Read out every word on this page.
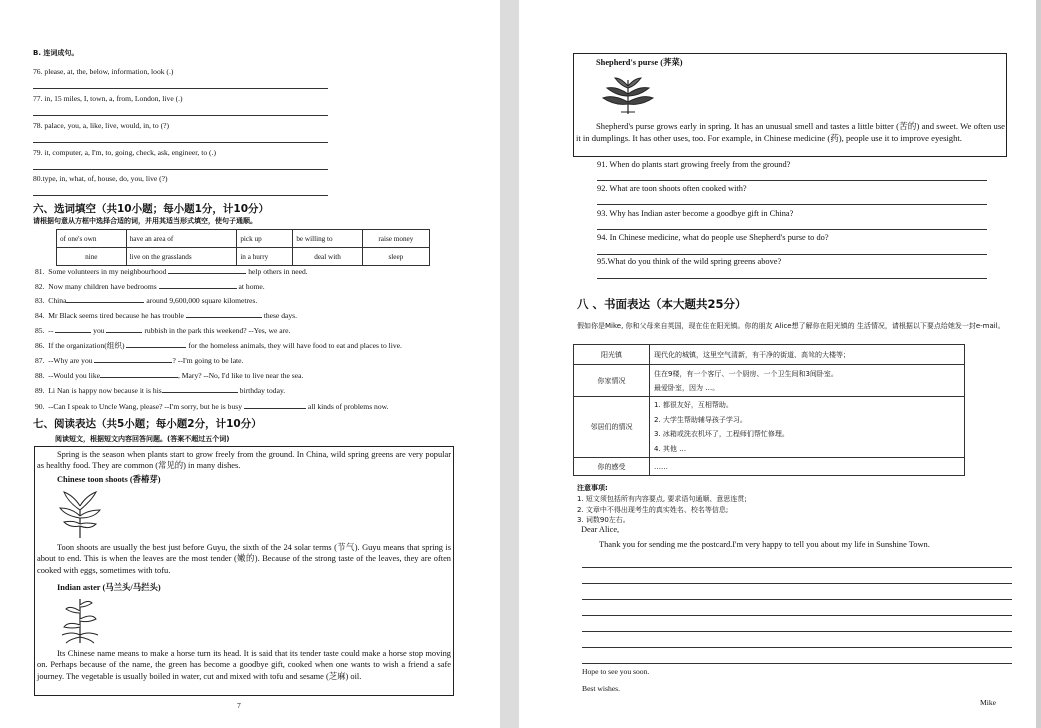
B. 连词成句。
76. please, at, the, below, information, look (.)
77. in, 15 miles, I, town, a, from, London, live (.)
78. palace, you, a, like, live, would, in, to (?)
79. it, computer, a, I'm, to, going, check, ask, engineer, to (.)
80.type, in, what, of, house, do, you, live (?)
六、选词填空（共10小题；每小题1分，计10分）
请根据句意从方框中选择合适的词，并用其适当形式填空，使句子通顺。
of one's own	have an area of	pick up	be willing to	raise money
nine	live on the grasslands	in a hurry	deal with	sleep
81. Some volunteers in my neighbourhood	help others in need.
82. Now many children have bedrooms	at home.
83. China	around 9,600,000 square kilometres.
84. Mr Black seems tired because he has trouble	these days.
85. --	you	rubbish in the park this weekend? --Yes, we are.
86. If the organization(组织)	for the homeless animals, they will have food to eat and places to live.
87. --Why are you	? --I'm going to be late.
88. --Would you like	, Mary? --No, I'd like to live near the sea.
89. Li Nan is happy now because it is his	birthday today.
90. --Can I speak to Uncle Wang, please? --I'm sorry, but he is busy	all kinds of problems now.
七、阅读表达（共5小题；每小题2分，计10分）
阅读短文，根据短文内容回答问题。(答案不超过五个词)
Spring is the season when plants start to grow freely from the ground. In China, wild spring greens are very popular as healthy food. They are common (常见的) in many dishes.
Chinese toon shoots (香椿芽)
Toon shoots are usually the best just before Guyu, the sixth of the 24 solar terms (节气). Guyu means that spring is about to end. This is when the leaves are the most tender (嫩的). Because of the strong taste of the leaves, they are often cooked with eggs, sometimes with tofu.
Indian aster (马兰头/马拦头)
Its Chinese name means to make a horse turn its head. It is said that its tender taste could make a horse stop moving on. Perhaps because of the name, the green has become a goodbye gift, cooked when one wants to wish a friend a safe journey. The vegetable is usually boiled in water, cut and mixed with tofu and sesame (芝麻) oil.
7
Shepherd's purse (荠菜)
Shepherd's purse grows early in spring. It has an unusual smell and tastes a little bitter (苦的) and sweet. We often use it in dumplings. It has other uses, too. For example, in Chinese medicine (药), people use it to improve eyesight.
91. When do plants start growing freely from the ground?
92. What are toon shoots often cooked with?
93. Why has Indian aster become a goodbye gift in China?
94. In Chinese medicine, what do people use Shepherd's purse to do?
95.What do you think of the wild spring greens above?
八 、书面表达（本大题共25分）
假如你是Mike, 你和父母来自英国，现在住在阳光镇。你的朋友 Alice想了解你在阳光镇的 生活情况，请根据以下要点给她发一封e-mail。
注意事项:
1. 短文须包括所有内容要点, 要求语句通顺、意思连贯;
2. 文章中不得出现考生的真实姓名、校名等信息;
3. 词数90左右。
Dear Alice,
Thank you for sending me the postcard.I'm very happy to tell you about my life in Sunshine Town.
Hope to see you soon.
Best wishes.
Mike
阳光镇	现代化的城镇，这里空气清新，有干净的街道、高耸的大楼等；
你家情况	住在9楼，有一个客厅、一个厨房、一个卫生间和3间卧室。
最爱卧室，因为 …。

邻居们的情况	1. 都很友好，互相帮助。
2. 大学生帮助辅导孩子学习。
3. 冰箱或洗衣机坏了，工程师们帮忙修理。
4. 其他 …

你的感受	……
